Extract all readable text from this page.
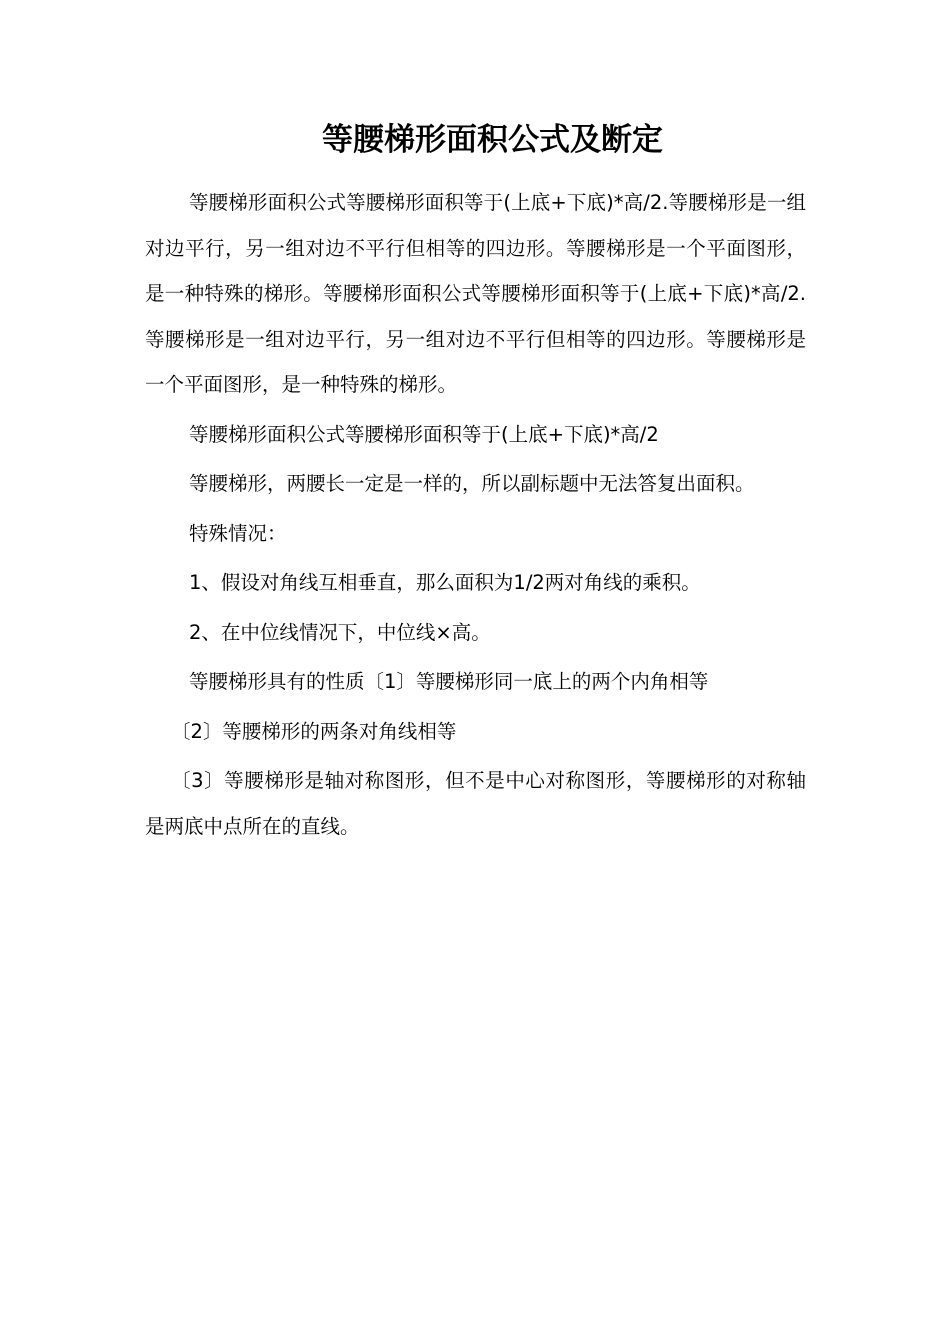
等腰梯形面积公式及断定

等腰梯形面积公式等腰梯形面积等于(上底+下底)*高/2.等腰梯形是一组对边平行，另一组对边不平行但相等的四边形。等腰梯形是一个平面图形，是一种特殊的梯形。等腰梯形面积公式等腰梯形面积等于(上底+下底)*高/2.等腰梯形是一组对边平行，另一组对边不平行但相等的四边形。等腰梯形是一个平面图形，是一种特殊的梯形。

等腰梯形面积公式等腰梯形面积等于(上底+下底)*高/2

等腰梯形，两腰长一定是一样的，所以副标题中无法答复出面积。

特殊情况：

1、假设对角线互相垂直，那么面积为1/2两对角线的乘积。

2、在中位线情况下，中位线×高。

等腰梯形具有的性质〔1〕等腰梯形同一底上的两个内角相等

〔2〕等腰梯形的两条对角线相等

〔3〕等腰梯形是轴对称图形，但不是中心对称图形，等腰梯形的对称轴是两底中点所在的直线。
